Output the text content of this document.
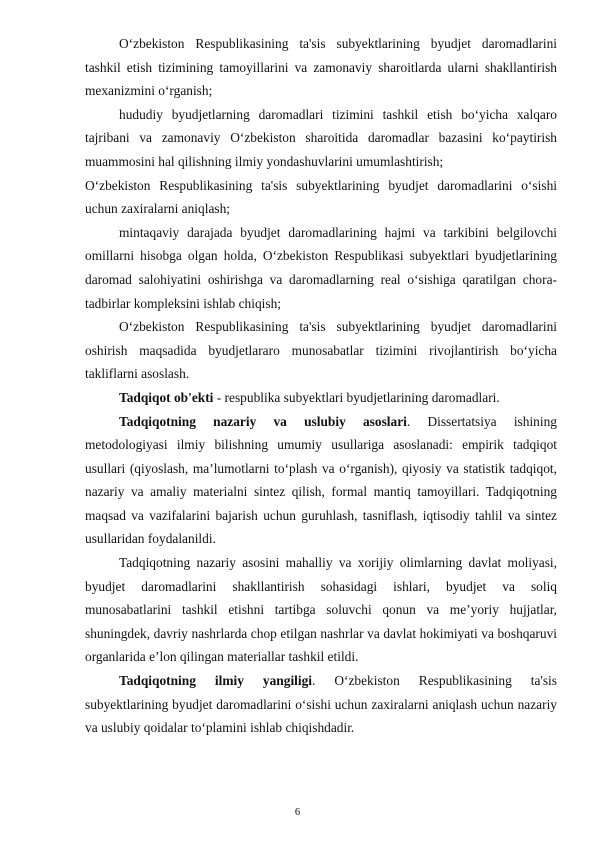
O‘zbekiston Respublikasining ta'sis subyektlarining byudjet daromadlarini tashkil etish tizimining tamoyillarini va zamonaviy sharoitlarda ularni shakllantirish mexanizmini o‘rganish;

hududiy byudjetlarning daromadlari tizimini tashkil etish bo‘yicha xalqaro tajribani va zamonaviy O‘zbekiston sharoitida daromadlar bazasini ko‘paytirish muammosini hal qilishning ilmiy yondashuvlarini umumlashtirish;

O‘zbekiston Respublikasining ta'sis subyektlarining byudjet daromadlarini o‘sishi uchun zaxiralarni aniqlash;

mintaqaviy darajada byudjet daromadlarining hajmi va tarkibini belgilovchi omillarni hisobga olgan holda, O‘zbekiston Respublikasi subyektlari byudjetlarining daromad salohiyatini oshirishga va daromadlarning real o‘sishiga qaratilgan chora-tadbirlar kompleksini ishlab chiqish;

O‘zbekiston Respublikasining ta'sis subyektlarining byudjet daromadlarini oshirish maqsadida byudjetlararo munosabatlar tizimini rivojlantirish bo‘yicha takliflarni asoslash.

Tadqiqot ob'ekti - respublika subyektlari byudjetlarining daromadlari.

Tadqiqotning nazariy va uslubiy asoslari. Dissertatsiya ishining metodologiyasi ilmiy bilishning umumiy usullariga asoslanadi: empirik tadqiqot usullari (qiyoslash, ma’lumotlarni to‘plash va o‘rganish), qiyosiy va statistik tadqiqot, nazariy va amaliy materialni sintez qilish, formal mantiq tamoyillari. Tadqiqotning maqsad va vazifalarini bajarish uchun guruhlash, tasniflash, iqtisodiy tahlil va sintez usullaridan foydalanildi.

Tadqiqotning nazariy asosini mahalliy va xorijiy olimlarning davlat moliyasi, byudjet daromadlarini shakllantirish sohasidagi ishlari, byudjet va soliq munosabatlarini tashkil etishni tartibga soluvchi qonun va me’yoriy hujjatlar, shuningdek, davriy nashrlarda chop etilgan nashrlar va davlat hokimiyati va boshqaruvi organlarida e’lon qilingan materiallar tashkil etildi.

Tadqiqotning ilmiy yangiligi. O‘zbekiston Respublikasining ta'sis subyektlarining byudjet daromadlarini o‘sishi uchun zaxiralarni aniqlash uchun nazariy va uslubiy qoidalar to‘plamini ishlab chiqishdadir.

6
